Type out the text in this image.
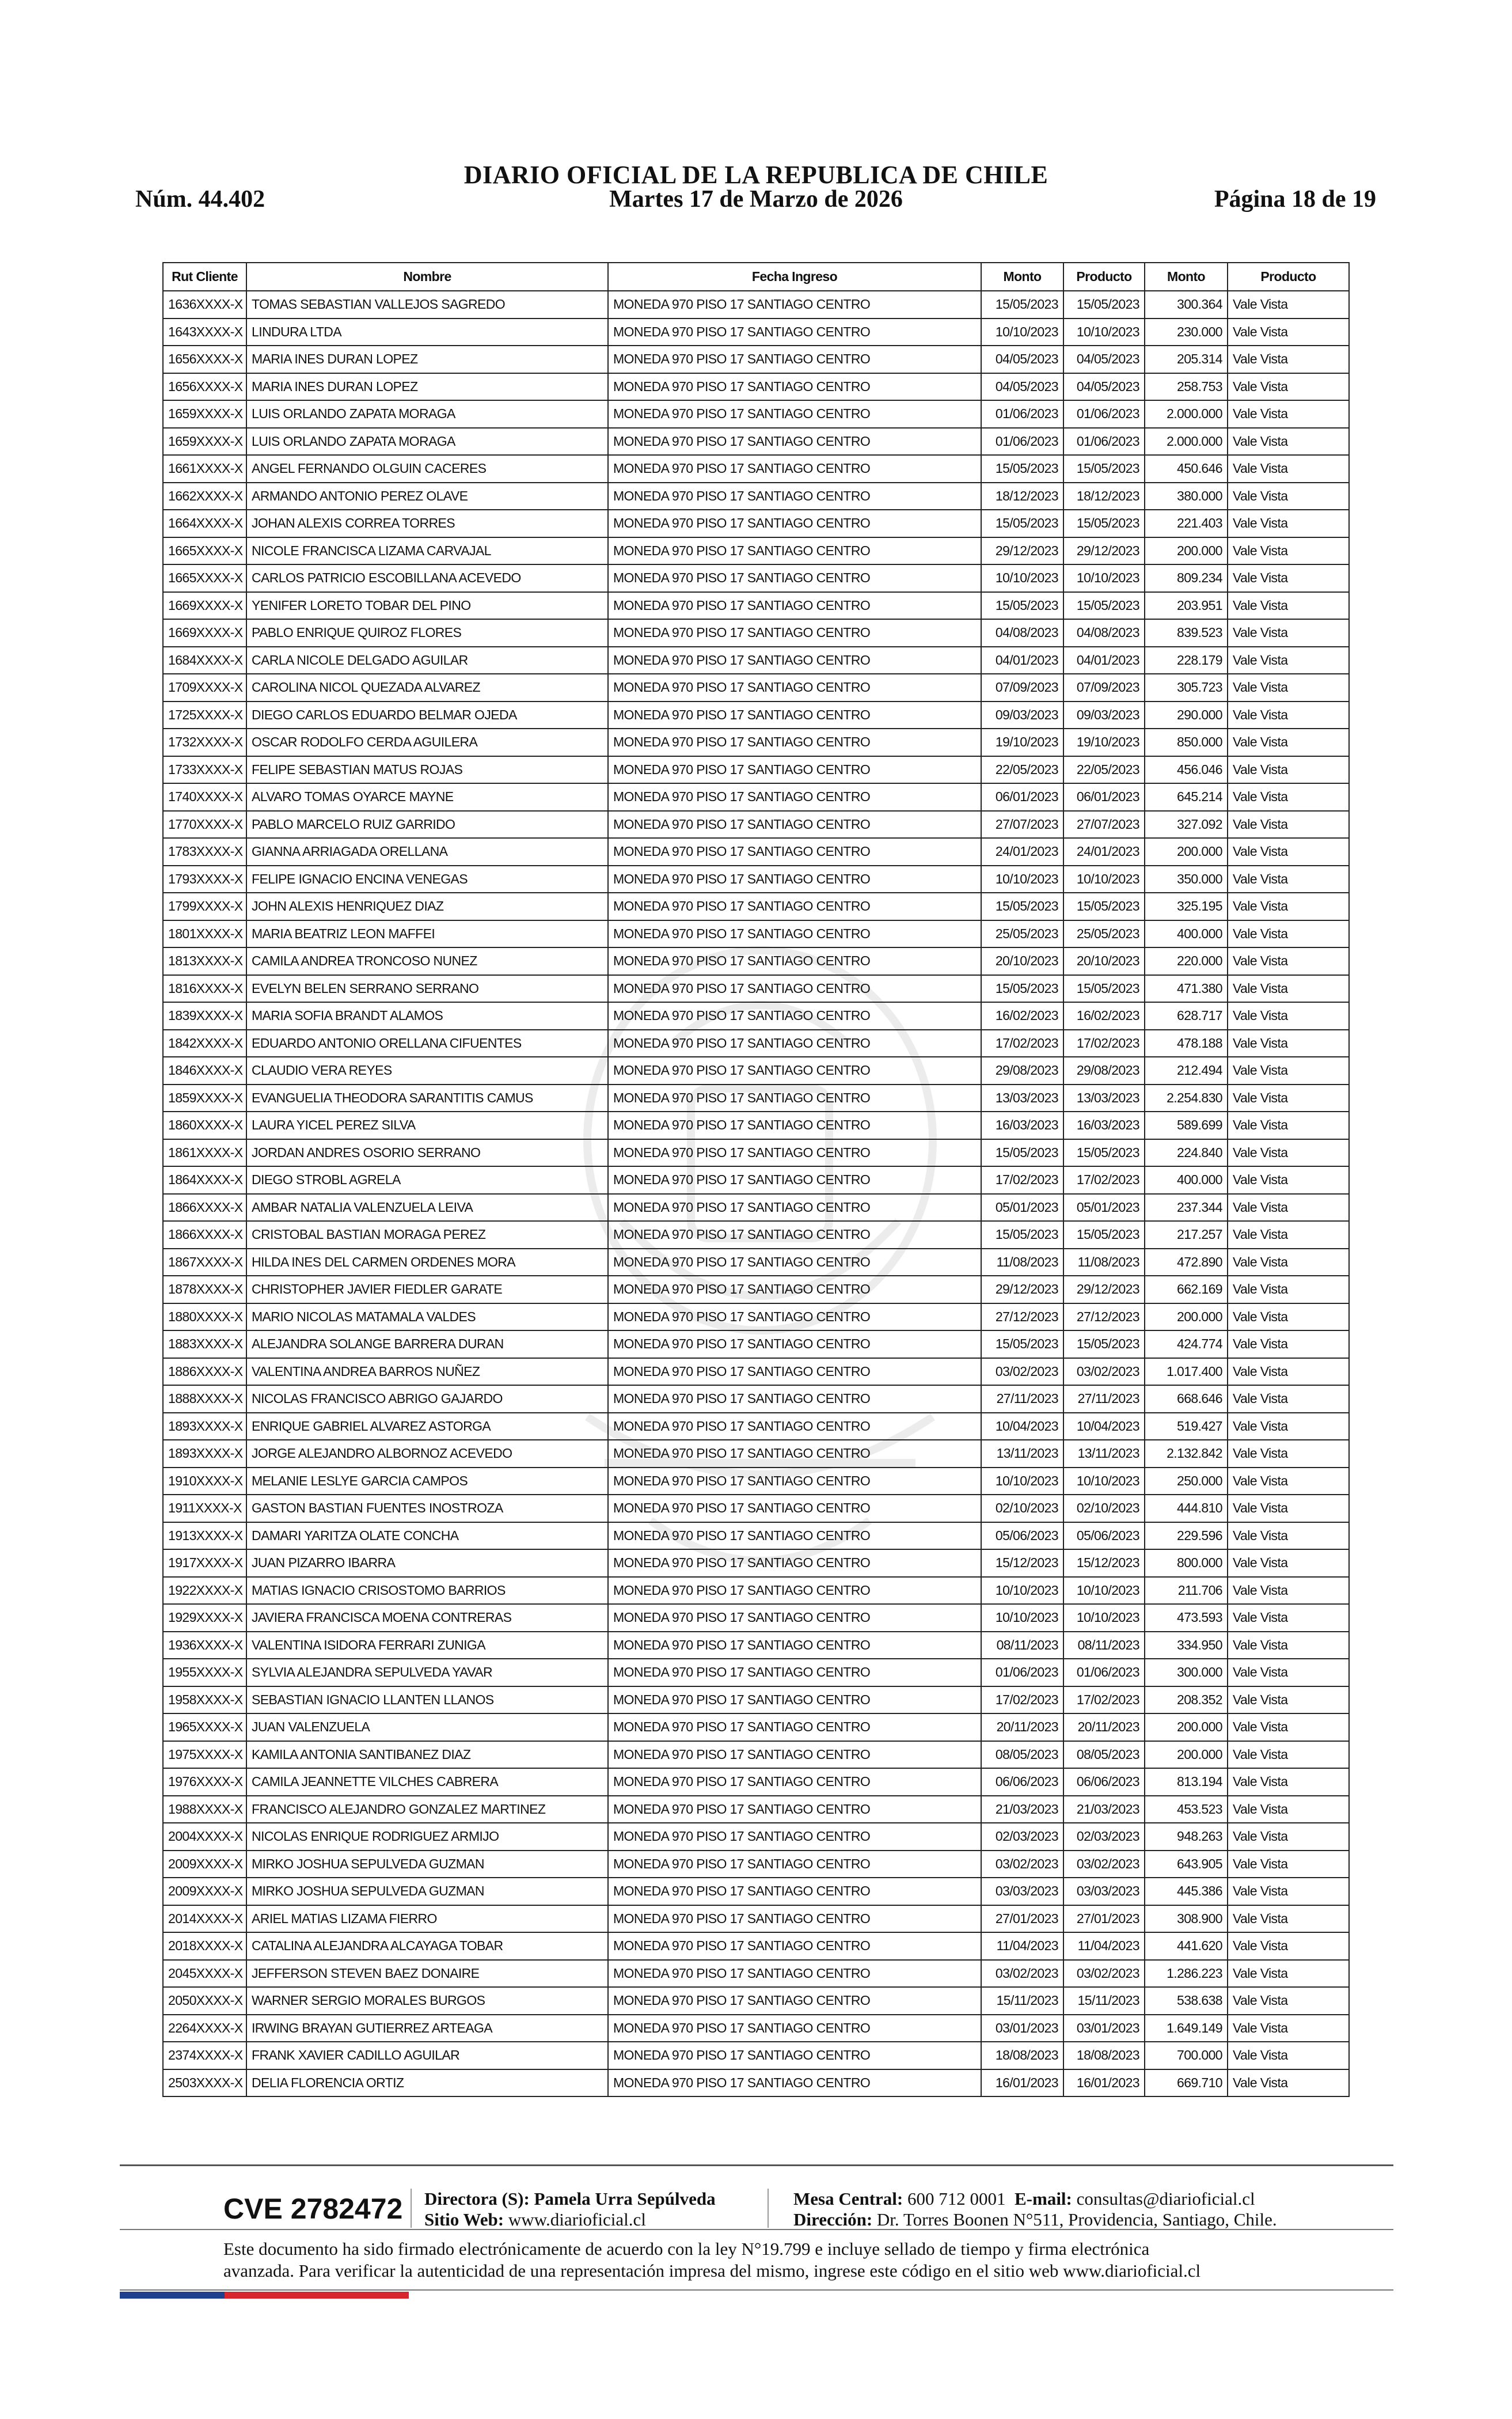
DIARIO OFICIAL DE LA REPUBLICA DE CHILE
Núm. 44.402	Martes 17 de Marzo de 2026	Página 18 de 19
Rut Cliente	Nombre	Fecha Ingreso	Monto	Producto	Monto	Producto
1636XXXX-X	TOMAS SEBASTIAN VALLEJOS SAGREDO	MONEDA 970 PISO 17 SANTIAGO CENTRO	15/05/2023	15/05/2023	300.364	Vale Vista
1643XXXX-X	LINDURA LTDA	MONEDA 970 PISO 17 SANTIAGO CENTRO	10/10/2023	10/10/2023	230.000	Vale Vista
1656XXXX-X	MARIA INES DURAN LOPEZ	MONEDA 970 PISO 17 SANTIAGO CENTRO	04/05/2023	04/05/2023	205.314	Vale Vista
1656XXXX-X	MARIA INES DURAN LOPEZ	MONEDA 970 PISO 17 SANTIAGO CENTRO	04/05/2023	04/05/2023	258.753	Vale Vista
1659XXXX-X	LUIS ORLANDO ZAPATA MORAGA	MONEDA 970 PISO 17 SANTIAGO CENTRO	01/06/2023	01/06/2023	2.000.000	Vale Vista
1659XXXX-X	LUIS ORLANDO ZAPATA MORAGA	MONEDA 970 PISO 17 SANTIAGO CENTRO	01/06/2023	01/06/2023	2.000.000	Vale Vista
1661XXXX-X	ANGEL FERNANDO OLGUIN CACERES	MONEDA 970 PISO 17 SANTIAGO CENTRO	15/05/2023	15/05/2023	450.646	Vale Vista
1662XXXX-X	ARMANDO ANTONIO PEREZ OLAVE	MONEDA 970 PISO 17 SANTIAGO CENTRO	18/12/2023	18/12/2023	380.000	Vale Vista
1664XXXX-X	JOHAN ALEXIS CORREA TORRES	MONEDA 970 PISO 17 SANTIAGO CENTRO	15/05/2023	15/05/2023	221.403	Vale Vista
1665XXXX-X	NICOLE FRANCISCA LIZAMA CARVAJAL	MONEDA 970 PISO 17 SANTIAGO CENTRO	29/12/2023	29/12/2023	200.000	Vale Vista
1665XXXX-X	CARLOS PATRICIO ESCOBILLANA ACEVEDO	MONEDA 970 PISO 17 SANTIAGO CENTRO	10/10/2023	10/10/2023	809.234	Vale Vista
1669XXXX-X	YENIFER LORETO TOBAR DEL PINO	MONEDA 970 PISO 17 SANTIAGO CENTRO	15/05/2023	15/05/2023	203.951	Vale Vista
1669XXXX-X	PABLO ENRIQUE QUIROZ FLORES	MONEDA 970 PISO 17 SANTIAGO CENTRO	04/08/2023	04/08/2023	839.523	Vale Vista
1684XXXX-X	CARLA NICOLE DELGADO AGUILAR	MONEDA 970 PISO 17 SANTIAGO CENTRO	04/01/2023	04/01/2023	228.179	Vale Vista
1709XXXX-X	CAROLINA NICOL QUEZADA ALVAREZ	MONEDA 970 PISO 17 SANTIAGO CENTRO	07/09/2023	07/09/2023	305.723	Vale Vista
1725XXXX-X	DIEGO CARLOS EDUARDO BELMAR OJEDA	MONEDA 970 PISO 17 SANTIAGO CENTRO	09/03/2023	09/03/2023	290.000	Vale Vista
1732XXXX-X	OSCAR RODOLFO CERDA AGUILERA	MONEDA 970 PISO 17 SANTIAGO CENTRO	19/10/2023	19/10/2023	850.000	Vale Vista
1733XXXX-X	FELIPE SEBASTIAN MATUS ROJAS	MONEDA 970 PISO 17 SANTIAGO CENTRO	22/05/2023	22/05/2023	456.046	Vale Vista
1740XXXX-X	ALVARO TOMAS OYARCE MAYNE	MONEDA 970 PISO 17 SANTIAGO CENTRO	06/01/2023	06/01/2023	645.214	Vale Vista
1770XXXX-X	PABLO MARCELO RUIZ GARRIDO	MONEDA 970 PISO 17 SANTIAGO CENTRO	27/07/2023	27/07/2023	327.092	Vale Vista
1783XXXX-X	GIANNA ARRIAGADA ORELLANA	MONEDA 970 PISO 17 SANTIAGO CENTRO	24/01/2023	24/01/2023	200.000	Vale Vista
1793XXXX-X	FELIPE IGNACIO ENCINA VENEGAS	MONEDA 970 PISO 17 SANTIAGO CENTRO	10/10/2023	10/10/2023	350.000	Vale Vista
1799XXXX-X	JOHN ALEXIS HENRIQUEZ DIAZ	MONEDA 970 PISO 17 SANTIAGO CENTRO	15/05/2023	15/05/2023	325.195	Vale Vista
1801XXXX-X	MARIA BEATRIZ LEON MAFFEI	MONEDA 970 PISO 17 SANTIAGO CENTRO	25/05/2023	25/05/2023	400.000	Vale Vista
1813XXXX-X	CAMILA ANDREA TRONCOSO NUNEZ	MONEDA 970 PISO 17 SANTIAGO CENTRO	20/10/2023	20/10/2023	220.000	Vale Vista
1816XXXX-X	EVELYN BELEN SERRANO SERRANO	MONEDA 970 PISO 17 SANTIAGO CENTRO	15/05/2023	15/05/2023	471.380	Vale Vista
1839XXXX-X	MARIA SOFIA BRANDT ALAMOS	MONEDA 970 PISO 17 SANTIAGO CENTRO	16/02/2023	16/02/2023	628.717	Vale Vista
1842XXXX-X	EDUARDO ANTONIO ORELLANA CIFUENTES	MONEDA 970 PISO 17 SANTIAGO CENTRO	17/02/2023	17/02/2023	478.188	Vale Vista
1846XXXX-X	CLAUDIO VERA REYES	MONEDA 970 PISO 17 SANTIAGO CENTRO	29/08/2023	29/08/2023	212.494	Vale Vista
1859XXXX-X	EVANGUELIA THEODORA SARANTITIS CAMUS	MONEDA 970 PISO 17 SANTIAGO CENTRO	13/03/2023	13/03/2023	2.254.830	Vale Vista
1860XXXX-X	LAURA YICEL PEREZ SILVA	MONEDA 970 PISO 17 SANTIAGO CENTRO	16/03/2023	16/03/2023	589.699	Vale Vista
1861XXXX-X	JORDAN ANDRES OSORIO SERRANO	MONEDA 970 PISO 17 SANTIAGO CENTRO	15/05/2023	15/05/2023	224.840	Vale Vista
1864XXXX-X	DIEGO STROBL AGRELA	MONEDA 970 PISO 17 SANTIAGO CENTRO	17/02/2023	17/02/2023	400.000	Vale Vista
1866XXXX-X	AMBAR NATALIA VALENZUELA LEIVA	MONEDA 970 PISO 17 SANTIAGO CENTRO	05/01/2023	05/01/2023	237.344	Vale Vista
1866XXXX-X	CRISTOBAL BASTIAN MORAGA PEREZ	MONEDA 970 PISO 17 SANTIAGO CENTRO	15/05/2023	15/05/2023	217.257	Vale Vista
1867XXXX-X	HILDA INES DEL CARMEN ORDENES MORA	MONEDA 970 PISO 17 SANTIAGO CENTRO	11/08/2023	11/08/2023	472.890	Vale Vista
1878XXXX-X	CHRISTOPHER JAVIER FIEDLER GARATE	MONEDA 970 PISO 17 SANTIAGO CENTRO	29/12/2023	29/12/2023	662.169	Vale Vista
1880XXXX-X	MARIO NICOLAS MATAMALA VALDES	MONEDA 970 PISO 17 SANTIAGO CENTRO	27/12/2023	27/12/2023	200.000	Vale Vista
1883XXXX-X	ALEJANDRA SOLANGE BARRERA DURAN	MONEDA 970 PISO 17 SANTIAGO CENTRO	15/05/2023	15/05/2023	424.774	Vale Vista
1886XXXX-X	VALENTINA ANDREA BARROS NUÑEZ	MONEDA 970 PISO 17 SANTIAGO CENTRO	03/02/2023	03/02/2023	1.017.400	Vale Vista
1888XXXX-X	NICOLAS FRANCISCO ABRIGO GAJARDO	MONEDA 970 PISO 17 SANTIAGO CENTRO	27/11/2023	27/11/2023	668.646	Vale Vista
1893XXXX-X	ENRIQUE GABRIEL ALVAREZ ASTORGA	MONEDA 970 PISO 17 SANTIAGO CENTRO	10/04/2023	10/04/2023	519.427	Vale Vista
1893XXXX-X	JORGE ALEJANDRO ALBORNOZ ACEVEDO	MONEDA 970 PISO 17 SANTIAGO CENTRO	13/11/2023	13/11/2023	2.132.842	Vale Vista
1910XXXX-X	MELANIE LESLYE GARCIA CAMPOS	MONEDA 970 PISO 17 SANTIAGO CENTRO	10/10/2023	10/10/2023	250.000	Vale Vista
1911XXXX-X	GASTON BASTIAN FUENTES INOSTROZA	MONEDA 970 PISO 17 SANTIAGO CENTRO	02/10/2023	02/10/2023	444.810	Vale Vista
1913XXXX-X	DAMARI YARITZA OLATE CONCHA	MONEDA 970 PISO 17 SANTIAGO CENTRO	05/06/2023	05/06/2023	229.596	Vale Vista
1917XXXX-X	JUAN PIZARRO IBARRA	MONEDA 970 PISO 17 SANTIAGO CENTRO	15/12/2023	15/12/2023	800.000	Vale Vista
1922XXXX-X	MATIAS IGNACIO CRISOSTOMO BARRIOS	MONEDA 970 PISO 17 SANTIAGO CENTRO	10/10/2023	10/10/2023	211.706	Vale Vista
1929XXXX-X	JAVIERA FRANCISCA MOENA CONTRERAS	MONEDA 970 PISO 17 SANTIAGO CENTRO	10/10/2023	10/10/2023	473.593	Vale Vista
1936XXXX-X	VALENTINA ISIDORA FERRARI ZUNIGA	MONEDA 970 PISO 17 SANTIAGO CENTRO	08/11/2023	08/11/2023	334.950	Vale Vista
1955XXXX-X	SYLVIA ALEJANDRA SEPULVEDA YAVAR	MONEDA 970 PISO 17 SANTIAGO CENTRO	01/06/2023	01/06/2023	300.000	Vale Vista
1958XXXX-X	SEBASTIAN IGNACIO LLANTEN LLANOS	MONEDA 970 PISO 17 SANTIAGO CENTRO	17/02/2023	17/02/2023	208.352	Vale Vista
1965XXXX-X	JUAN VALENZUELA	MONEDA 970 PISO 17 SANTIAGO CENTRO	20/11/2023	20/11/2023	200.000	Vale Vista
1975XXXX-X	KAMILA ANTONIA SANTIBANEZ DIAZ	MONEDA 970 PISO 17 SANTIAGO CENTRO	08/05/2023	08/05/2023	200.000	Vale Vista
1976XXXX-X	CAMILA JEANNETTE VILCHES CABRERA	MONEDA 970 PISO 17 SANTIAGO CENTRO	06/06/2023	06/06/2023	813.194	Vale Vista
1988XXXX-X	FRANCISCO ALEJANDRO GONZALEZ MARTINEZ	MONEDA 970 PISO 17 SANTIAGO CENTRO	21/03/2023	21/03/2023	453.523	Vale Vista
2004XXXX-X	NICOLAS ENRIQUE RODRIGUEZ ARMIJO	MONEDA 970 PISO 17 SANTIAGO CENTRO	02/03/2023	02/03/2023	948.263	Vale Vista
2009XXXX-X	MIRKO JOSHUA SEPULVEDA GUZMAN	MONEDA 970 PISO 17 SANTIAGO CENTRO	03/02/2023	03/02/2023	643.905	Vale Vista
2009XXXX-X	MIRKO JOSHUA SEPULVEDA GUZMAN	MONEDA 970 PISO 17 SANTIAGO CENTRO	03/03/2023	03/03/2023	445.386	Vale Vista
2014XXXX-X	ARIEL MATIAS LIZAMA FIERRO	MONEDA 970 PISO 17 SANTIAGO CENTRO	27/01/2023	27/01/2023	308.900	Vale Vista
2018XXXX-X	CATALINA ALEJANDRA ALCAYAGA TOBAR	MONEDA 970 PISO 17 SANTIAGO CENTRO	11/04/2023	11/04/2023	441.620	Vale Vista
2045XXXX-X	JEFFERSON STEVEN BAEZ DONAIRE	MONEDA 970 PISO 17 SANTIAGO CENTRO	03/02/2023	03/02/2023	1.286.223	Vale Vista
2050XXXX-X	WARNER SERGIO MORALES BURGOS	MONEDA 970 PISO 17 SANTIAGO CENTRO	15/11/2023	15/11/2023	538.638	Vale Vista
2264XXXX-X	IRWING BRAYAN GUTIERREZ ARTEAGA	MONEDA 970 PISO 17 SANTIAGO CENTRO	03/01/2023	03/01/2023	1.649.149	Vale Vista
2374XXXX-X	FRANK XAVIER CADILLO AGUILAR	MONEDA 970 PISO 17 SANTIAGO CENTRO	18/08/2023	18/08/2023	700.000	Vale Vista
2503XXXX-X	DELIA FLORENCIA ORTIZ	MONEDA 970 PISO 17 SANTIAGO CENTRO	16/01/2023	16/01/2023	669.710	Vale Vista
CVE 2782472 Directora (S): Pamela Urra Sepúlveda
Sitio Web: www.diarioficial.cl
Mesa Central: 600 712 0001 E-mail: consultas@diarioficial.cl
Dirección: Dr. Torres Boonen N°511, Providencia, Santiago, Chile.
Este documento ha sido firmado electrónicamente de acuerdo con la ley N°19.799 e incluye sellado de tiempo y firma electrónica
avanzada. Para verificar la autenticidad de una representación impresa del mismo, ingrese este código en el sitio web www.diarioficial.cl
